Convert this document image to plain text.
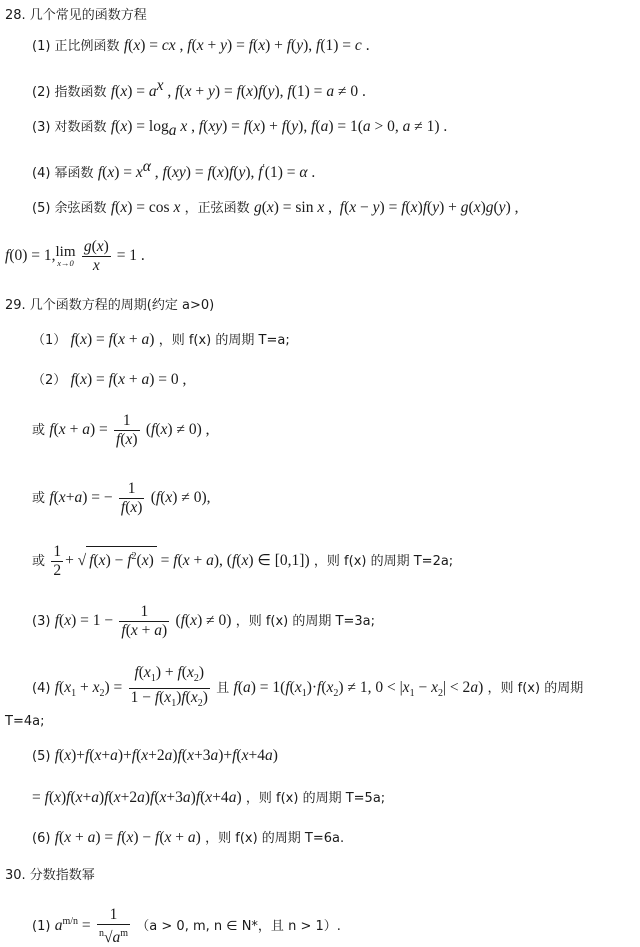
28. 几个常见的函数方程
(1) 正比例函数 f(x) = cx , f(x + y) = f(x) + f(y), f(1) = c .
(2) 指数函数 $f(x) = a^x$ , f(x + y) = f(x)f(y), f(1) = a ≠ 0 .
(3) 对数函数 $f(x) = \log_a x$ , f(xy) = f(x) + f(y), f(a) = 1(a > 0, a ≠ 1) .
(4) 幂函数 $f(x) = x^\alpha$ , f(xy) = f(x)f(y), f′(1) = α .
(5) 余弦函数 f(x) = cos x ，正弦函数 g(x) = sin x ,  f(x − y) = f(x)f(y) + g(x)g(y) ,
f(0) = 1, lim
x→0
$\frac{g(x)}{x} = 1$ .
29. 几个函数方程的周期(约定 a>0)
（1） f(x) = f(x + a) ，则 f(x) 的周期 T=a;
（2） f(x) = f(x + a) = 0 ,
或 $f(x + a) = \frac{1}{f(x)} (f(x) \ne 0)$ ,
或 f(x+a) = − $\frac{1}{f(x)} (f(x) \ne 0)$,
或 $\frac{1}{2}$ + √ $f(x) - f^2(x) = f(x + a)$, (f(x) ∈ [0,1]) ，则 f(x) 的周期 T=2a;
(3) $f(x) = 1 - \frac{1}{f(x + a)} (f(x) \ne 0)$ ，则 f(x) 的周期 T=3a;
(4) $f(x_1 + x_2) = \frac{f(x_1) + f(x_2)}{1 - f(x_1)f(x_2)}$ 且 $f(a) = 1(f(x_1)\cdot f(x_2) \ne 1$, $0 < |x_1 - x_2| < 2a$) ，则 f(x) 的周期
T=4a;
(5) f(x)+f(x+a)+f(x+2a)f(x+3a)+f(x+4a)
= f(x)f(x+a)f(x+2a)f(x+3a)f(x+4a) ，则 f(x) 的周期 T=5a;
(6) f(x + a) = f(x) − f(x + a) ，则 f(x) 的周期 T=6a.
30. 分数指数幂
(1) $a^{m/n} = \frac{1}{^n√a^m} (a > 0$, m, n ∈ N*，且 n > 1）.
